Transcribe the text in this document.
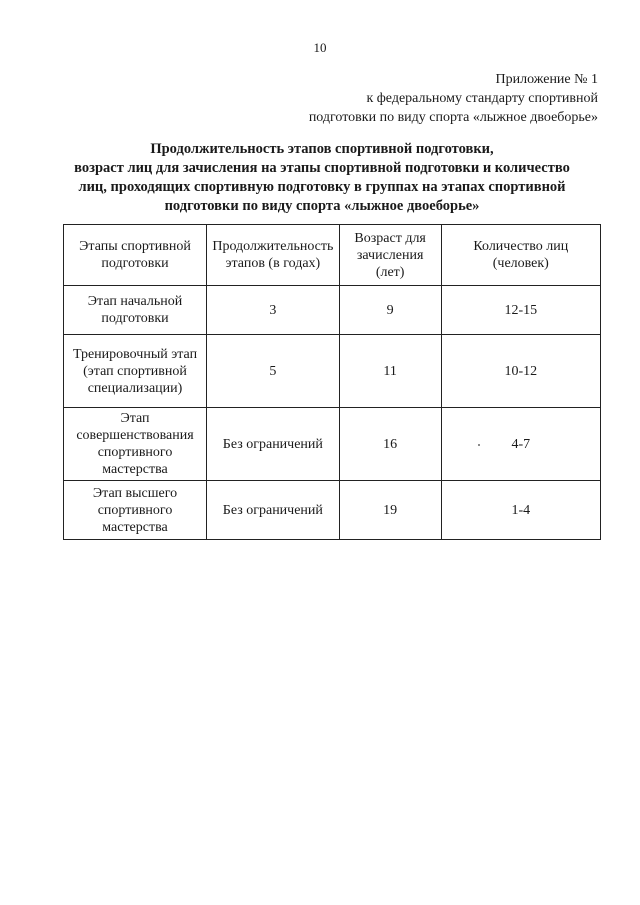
10
Приложение № 1
к федеральному стандарту спортивной
подготовки по виду спорта «лыжное двоеборье»
Продолжительность этапов спортивной подготовки,
возраст лиц для зачисления на этапы спортивной подготовки и количество
лиц, проходящих спортивную подготовку в группах на этапах спортивной
подготовки по виду спорта «лыжное двоеборье»
Этапы спортивной подготовки	Продолжительность этапов (в годах)	Возраст для зачисления (лет)	Количество лиц (человек)
Этап начальной подготовки	3	9	12-15
Тренировочный этап (этап спортивной специализации)	5	11	10-12
Этап совершенствования спортивного мастерства	Без ограничений	16	4-7
Этап высшего спортивного мастерства	Без ограничений	19	1-4
